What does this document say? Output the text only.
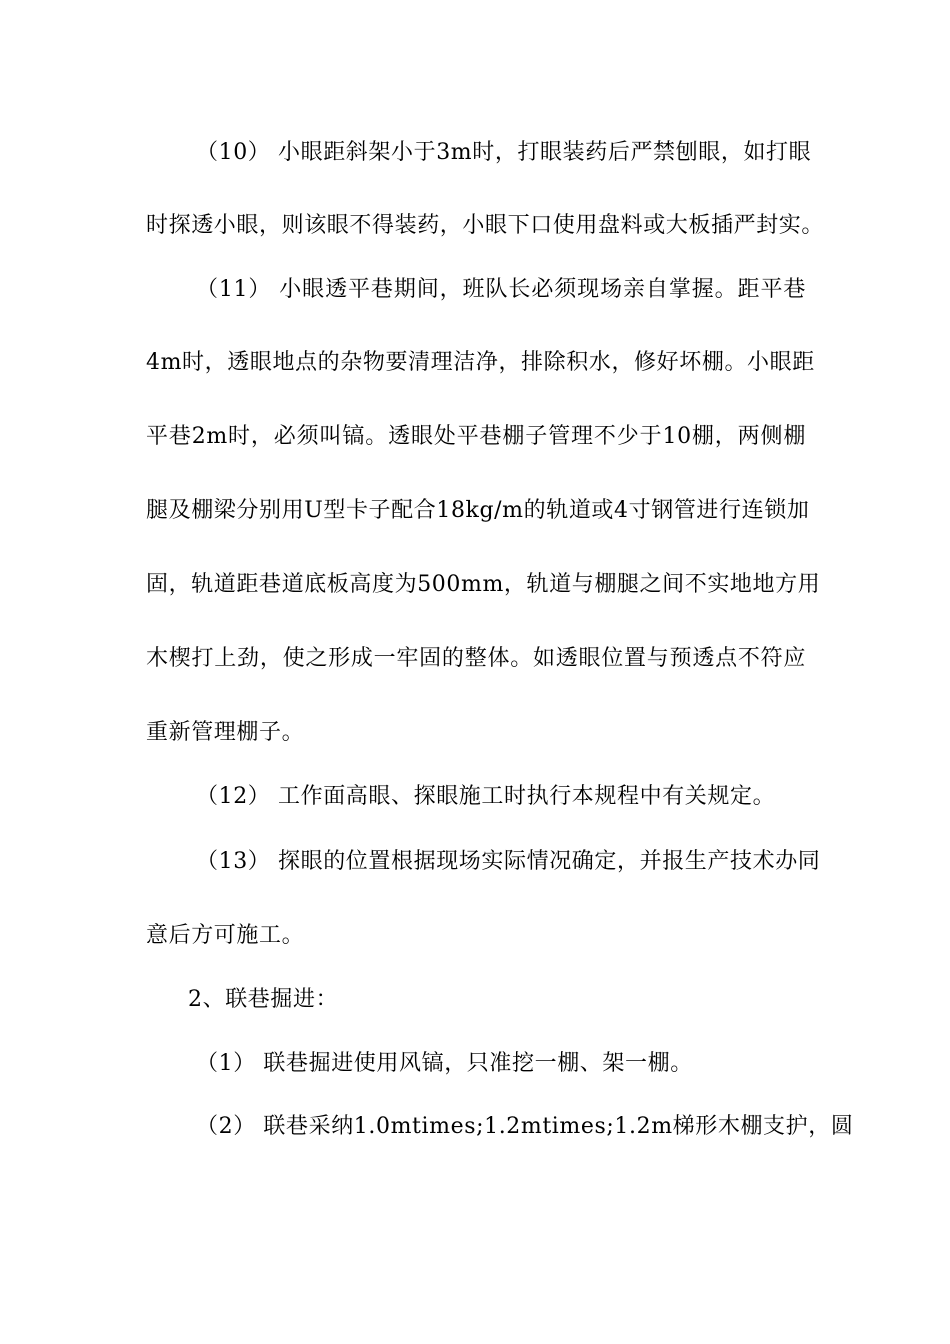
（10） 小眼距斜架小于3m时，打眼装药后严禁刨眼，如打眼
时探透小眼，则该眼不得装药，小眼下口使用盘料或大板插严封实。
（11） 小眼透平巷期间，班队长必须现场亲自掌握。距平巷
4m时，透眼地点的杂物要清理洁净，排除积水，修好坏棚。小眼距
平巷2m时，必须叫镐。透眼处平巷棚子管理不少于10棚，两侧棚
腿及棚梁分别用U型卡子配合18kg/m的轨道或4寸钢管进行连锁加
固，轨道距巷道底板高度为500mm，轨道与棚腿之间不实地地方用
木楔打上劲，使之形成一牢固的整体。如透眼位置与预透点不符应
重新管理棚子。
（12） 工作面高眼、探眼施工时执行本规程中有关规定。
（13） 探眼的位置根据现场实际情况确定，并报生产技术办同
意后方可施工。
2、联巷掘进：
（1） 联巷掘进使用风镐，只准挖一棚、架一棚。
（2） 联巷采纳1.0mtimes;1.2mtimes;1.2m梯形木棚支护，圆
